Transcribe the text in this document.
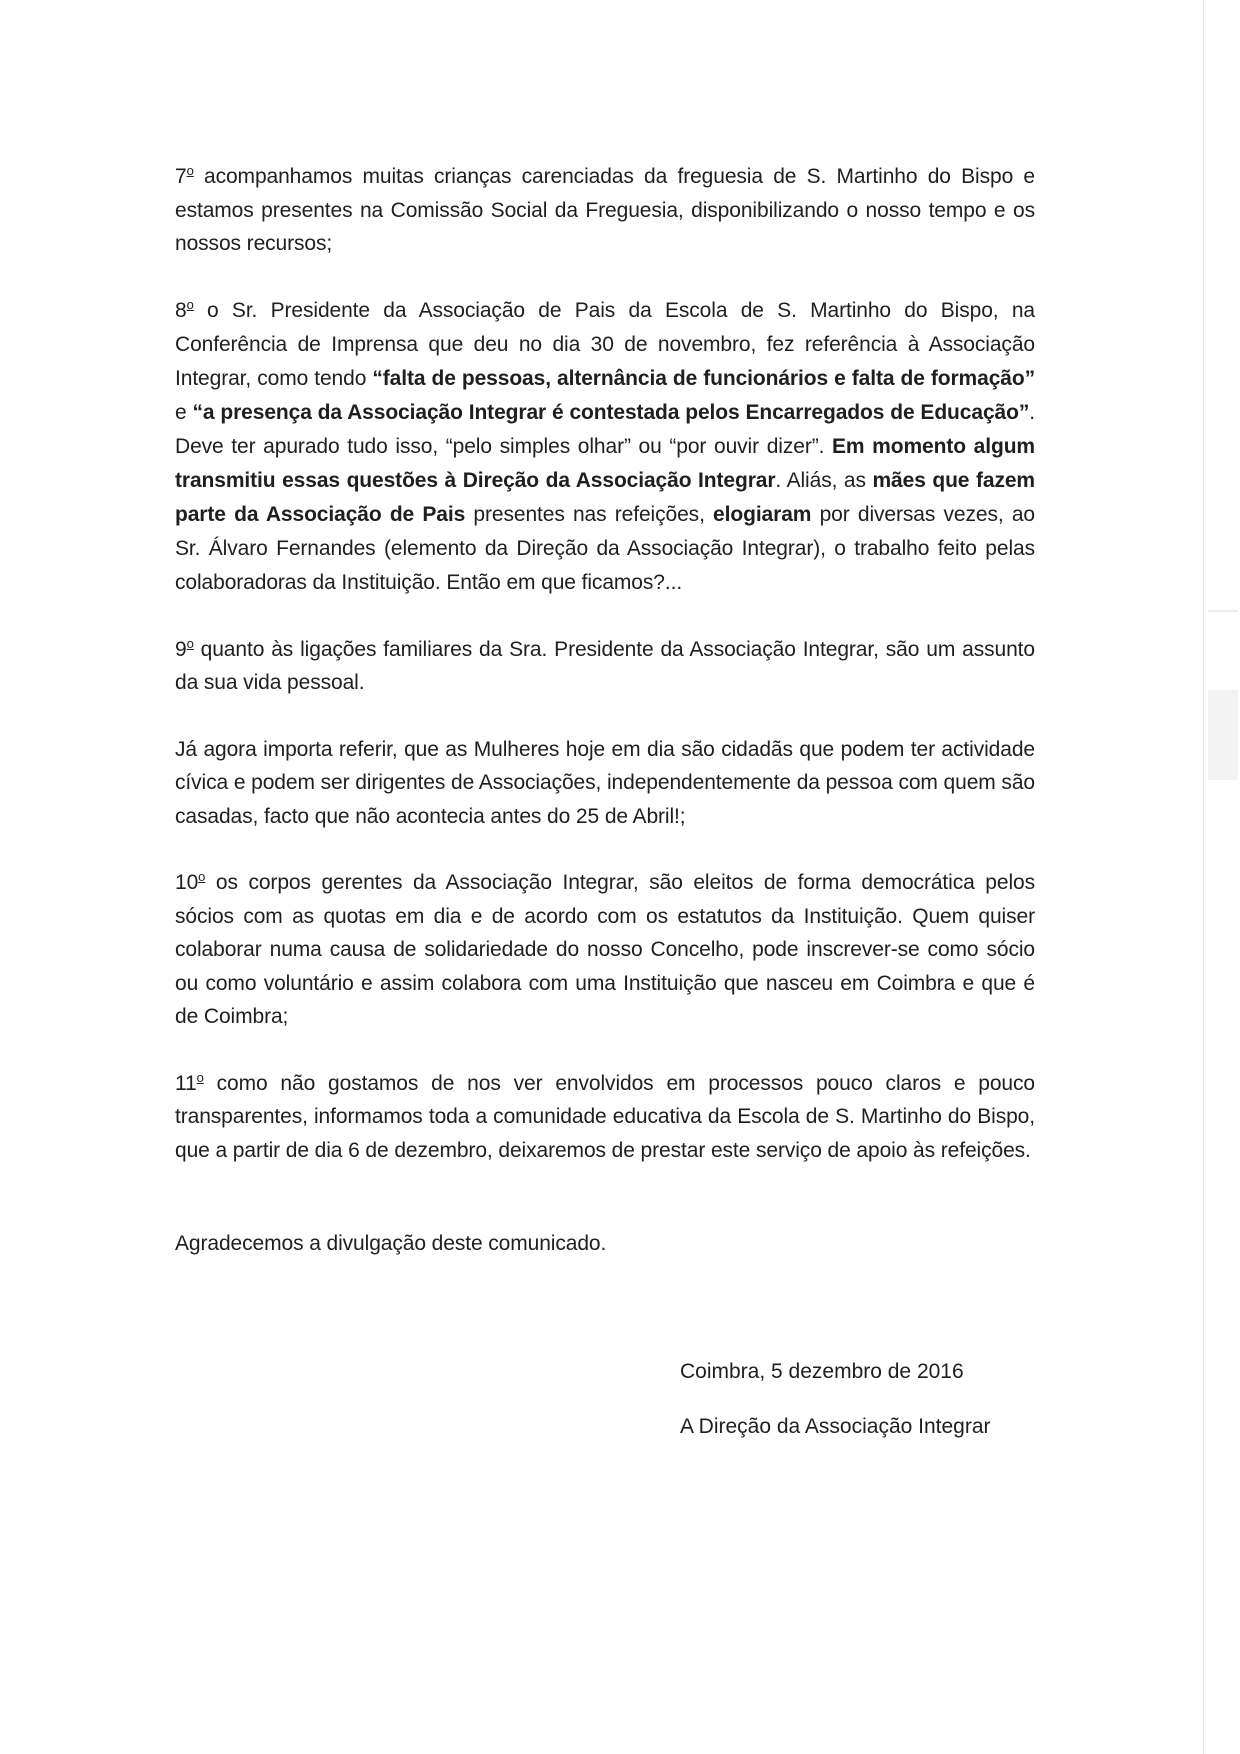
7$^o$ acompanhamos muitas crianças carenciadas da freguesia de S. Martinho do Bispo e estamos presentes na Comissão Social da Freguesia, disponibilizando o nosso tempo e os nossos recursos;

8$^o$ o Sr. Presidente da Associação de Pais da Escola de S. Martinho do Bispo, na Conferência de Imprensa que deu no dia 30 de novembro, fez referência à Associação Integrar, como tendo “falta de pessoas, alternância de funcionários e falta de formação” e “a presença da Associação Integrar é contestada pelos Encarregados de Educação”. Deve ter apurado tudo isso, “pelo simples olhar” ou “por ouvir dizer”. Em momento algum transmitiu essas questões à Direção da Associação Integrar. Aliás, as mães que fazem parte da Associação de Pais presentes nas refeições, elogiaram por diversas vezes, ao Sr. Álvaro Fernandes (elemento da Direção da Associação Integrar), o trabalho feito pelas colaboradoras da Instituição. Então em que ficamos?...

9$^o$ quanto às ligações familiares da Sra. Presidente da Associação Integrar, são um assunto da sua vida pessoal.

Já agora importa referir, que as Mulheres hoje em dia são cidadãs que podem ter actividade cívica e podem ser dirigentes de Associações, independentemente da pessoa com quem são casadas, facto que não acontecia antes do 25 de Abril!;

10$^o$ os corpos gerentes da Associação Integrar, são eleitos de forma democrática pelos sócios com as quotas em dia e de acordo com os estatutos da Instituição. Quem quiser colaborar numa causa de solidariedade do nosso Concelho, pode inscrever-se como sócio ou como voluntário e assim colabora com uma Instituição que nasceu em Coimbra e que é de Coimbra;

11$^o$ como não gostamos de nos ver envolvidos em processos pouco claros e pouco transparentes, informamos toda a comunidade educativa da Escola de S. Martinho do Bispo, que a partir de dia 6 de dezembro, deixaremos de prestar este serviço de apoio às refeições.

Agradecemos a divulgação deste comunicado.

Coimbra, 5 dezembro de 2016
A Direção da Associação Integrar
